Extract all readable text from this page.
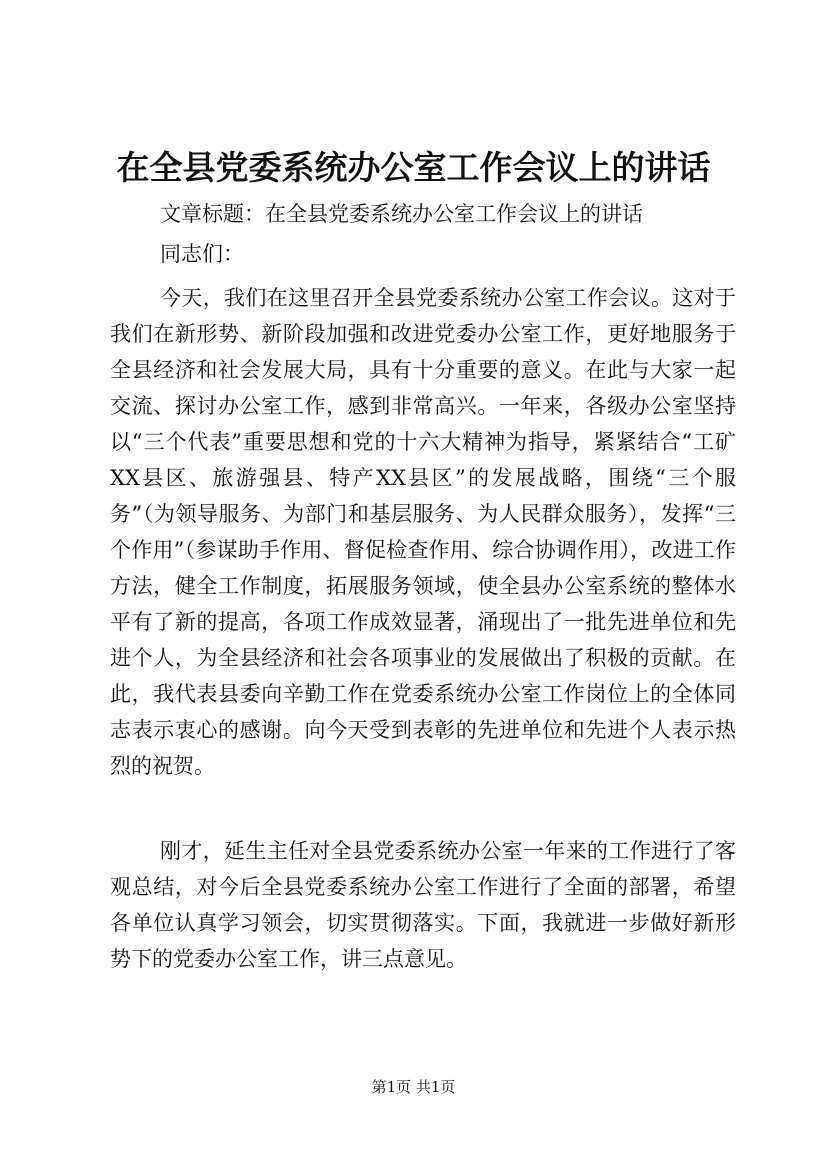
在全县党委系统办公室工作会议上的讲话
文章标题：在全县党委系统办公室工作会议上的讲话
同志们：

今天，我们在这里召开全县党委系统办公室工作会议。这对于我们在新形势、新阶段加强和改进党委办公室工作，更好地服务于全县经济和社会发展大局，具有十分重要的意义。在此与大家一起交流、探讨办公室工作，感到非常高兴。一年来，各级办公室坚持以“三个代表”重要思想和党的十六大精神为指导，紧紧结合“工矿XX县区、旅游强县、特产XX县区”的发展战略，围绕“三个服务”（为领导服务、为部门和基层服务、为人民群众服务），发挥“三个作用”（参谋助手作用、督促检查作用、综合协调作用），改进工作方法，健全工作制度，拓展服务领域，使全县办公室系统的整体水平有了新的提高，各项工作成效显著，涌现出了一批先进单位和先进个人，为全县经济和社会各项事业的发展做出了积极的贡献。在此，我代表县委向辛勤工作在党委系统办公室工作岗位上的全体同志表示衷心的感谢。向今天受到表彰的先进单位和先进个人表示热烈的祝贺。

刚才，延生主任对全县党委系统办公室一年来的工作进行了客观总结，对今后全县党委系统办公室工作进行了全面的部署，希望各单位认真学习领会，切实贯彻落实。下面，我就进一步做好新形势下的党委办公室工作，讲三点意见。

第1页 共1页
